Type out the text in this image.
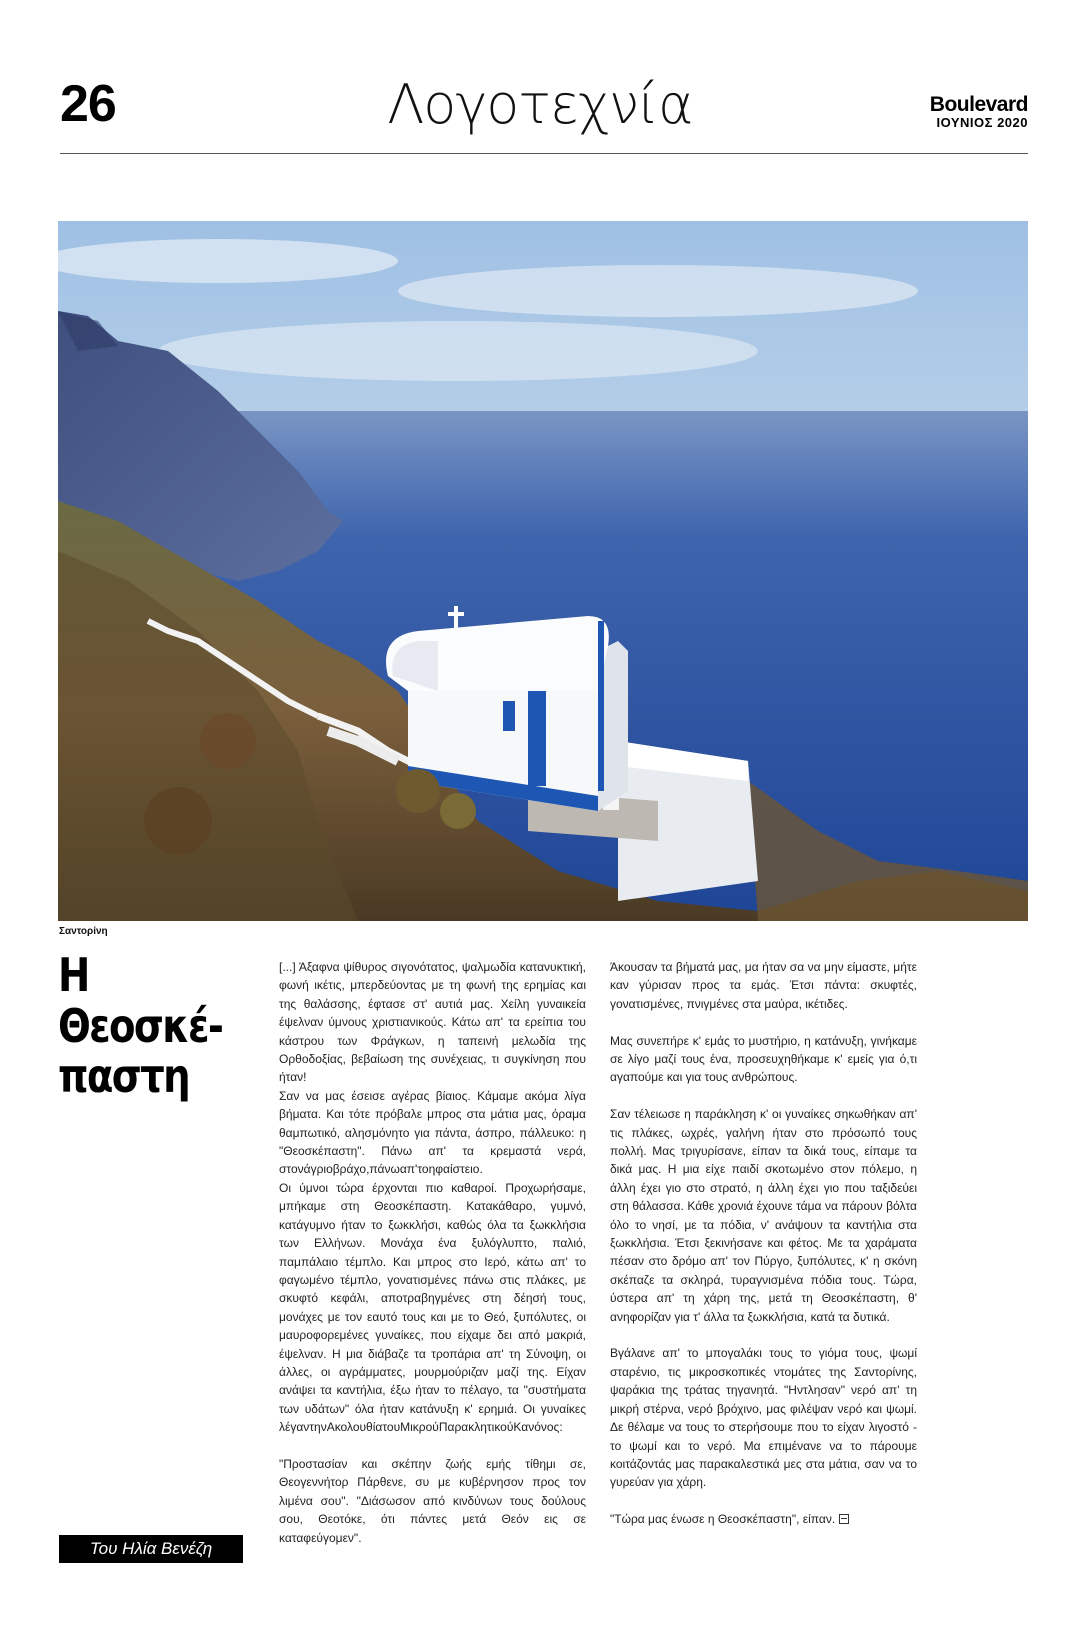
26	Λογοτεχνία	Boulevard
ΙΟΥΝΙΟΣ 2020
Σαντορίνη
Η Θεοσκέ-
παστη
Του Ηλία Βενέζη

[...] Άξαφνα ψίθυρος σιγονότατος, ψαλμωδία κατανυκτική, φωνή ικέτις, μπερδεύοντας με τη φωνή της ερημίας και της θαλάσσης, έφτασε στ' αυτιά μας. Χείλη γυναικεία έψελναν ύμνους χριστιανικούς. Κάτω απ' τα ερείπια του κάστρου των Φράγκων, η ταπεινή μελωδία της Ορθοδοξίας, βεβαίωση της συνέχειας, τι συγκίνηση που ήταν!

Σαν να μας έσεισε αγέρας βίαιος. Κάμαμε ακόμα λίγα βήματα. Και τότε πρόβαλε μπρος στα μάτια μας, όραμα θαμπωτικό, αλησμόνητο για πάντα, άσπρο, πάλλευκο: η "Θεοσκέπαστη". Πάνω απ' τα κρεμαστά νερά, στονάγριοβράχο,πάνωαπ'τοηφαίστειο.

Οι ύμνοι τώρα έρχονται πιο καθαροί. Προχωρήσαμε, μπήκαμε στη Θεοσκέπαστη. Κατακάθαρο, γυμνό, κατάγυμνο ήταν το ξωκκλήσι, καθώς όλα τα ξωκκλήσια των Ελλήνων. Μονάχα ένα ξυλόγλυπτο, παλιό, παμπάλαιο τέμπλο. Και μπρος στο Ιερό, κάτω απ' το φαγωμένο τέμπλο, γονατισμένες πάνω στις πλάκες, με σκυφτό κεφάλι, αποτραβηγμένες στη δέησή τους, μονάχες με τον εαυτό τους και με το Θεό, ξυπόλυτες, οι μαυροφορεμένες γυναίκες, που είχαμε δει από μακριά, έψελναν. Η μια διάβαζε τα τροπάρια απ' τη Σύνοψη, οι άλλες, οι αγράμματες, μουρμούριζαν μαζί της. Είχαν ανάψει τα καντήλια, έξω ήταν το πέλαγο, τα "συστήματα των υδάτων" όλα ήταν κατάνυξη κ' ερημιά. Οι γυναίκες λέγαντηνΑκολουθίατουΜικρούΠαρακλητικούΚανόνος:

"Προστασίαν και σκέπην ζωής εμής τίθημι σε, Θεογεννήτορ Πάρθενε, συ με κυβέρνησον προς τον λιμένα σου". "Διάσωσον από κινδύνων τους δούλους σου, Θεοτόκε, ότι πάντες μετά Θεόν εις σε καταφεύγομεν".

Άκουσαν τα βήματά μας, μα ήταν σα να μην είμαστε, μήτε καν γύρισαν προς τα εμάς. Έτσι πάντα: σκυφτές, γονατισμένες, πνιγμένες στα μαύρα, ικέτιδες.

Μας συνεπήρε κ' εμάς το μυστήριο, η κατάνυξη, γινήκαμε σε λίγο μαζί τους ένα, προσευχηθήκαμε κ' εμείς για ό,τι αγαπούμε και για τους ανθρώπους.

Σαν τέλειωσε η παράκληση κ' οι γυναίκες σηκωθήκαν απ' τις πλάκες, ωχρές, γαλήνη ήταν στο πρόσωπό τους πολλή. Μας τριγυρίσανε, είπαν τα δικά τους, είπαμε τα δικά μας. Η μια είχε παιδί σκοτωμένο στον πόλεμο, η άλλη έχει γιο στο στρατό, η άλλη έχει γιο που ταξιδεύει στη θάλασσα. Κάθε χρονιά έχουνε τάμα να πάρουν βόλτα όλο το νησί, με τα πόδια, ν' ανάψουν τα καντήλια στα ξωκκλήσια. Έτσι ξεκινήσανε και φέτος. Με τα χαράματα πέσαν στο δρόμο απ' τον Πύργο, ξυπόλυτες, κ' η σκόνη σκέπαζε τα σκληρά, τυραγνισμένα πόδια τους. Τώρα, ύστερα απ' τη χάρη της, μετά τη Θεοσκέπαστη, θ' ανηφορίζαν για τ' άλλα τα ξωκκλήσια, κατά τα δυτικά.

Βγάλανε απ' το μπογαλάκι τους το γιόμα τους, ψωμί σταρένιο, τις μικροσκοπικές ντομάτες της Σαντορίνης, ψαράκια της τράτας τηγανητά. "Ηντλησαν" νερό απ' τη μικρή στέρνα, νερό βρόχινο, μας φιλέψαν νερό και ψωμί. Δε θέλαμε να τους το στερήσουμε που το είχαν λιγοστό - το ψωμί και το νερό. Μα επιμένανε να το πάρουμε κοιτάζοντάς μας παρακαλεστικά μες στα μάτια, σαν να το γυρεύαν για χάρη.

"Τώρα μας ένωσε η Θεοσκέπαστη", είπαν.
